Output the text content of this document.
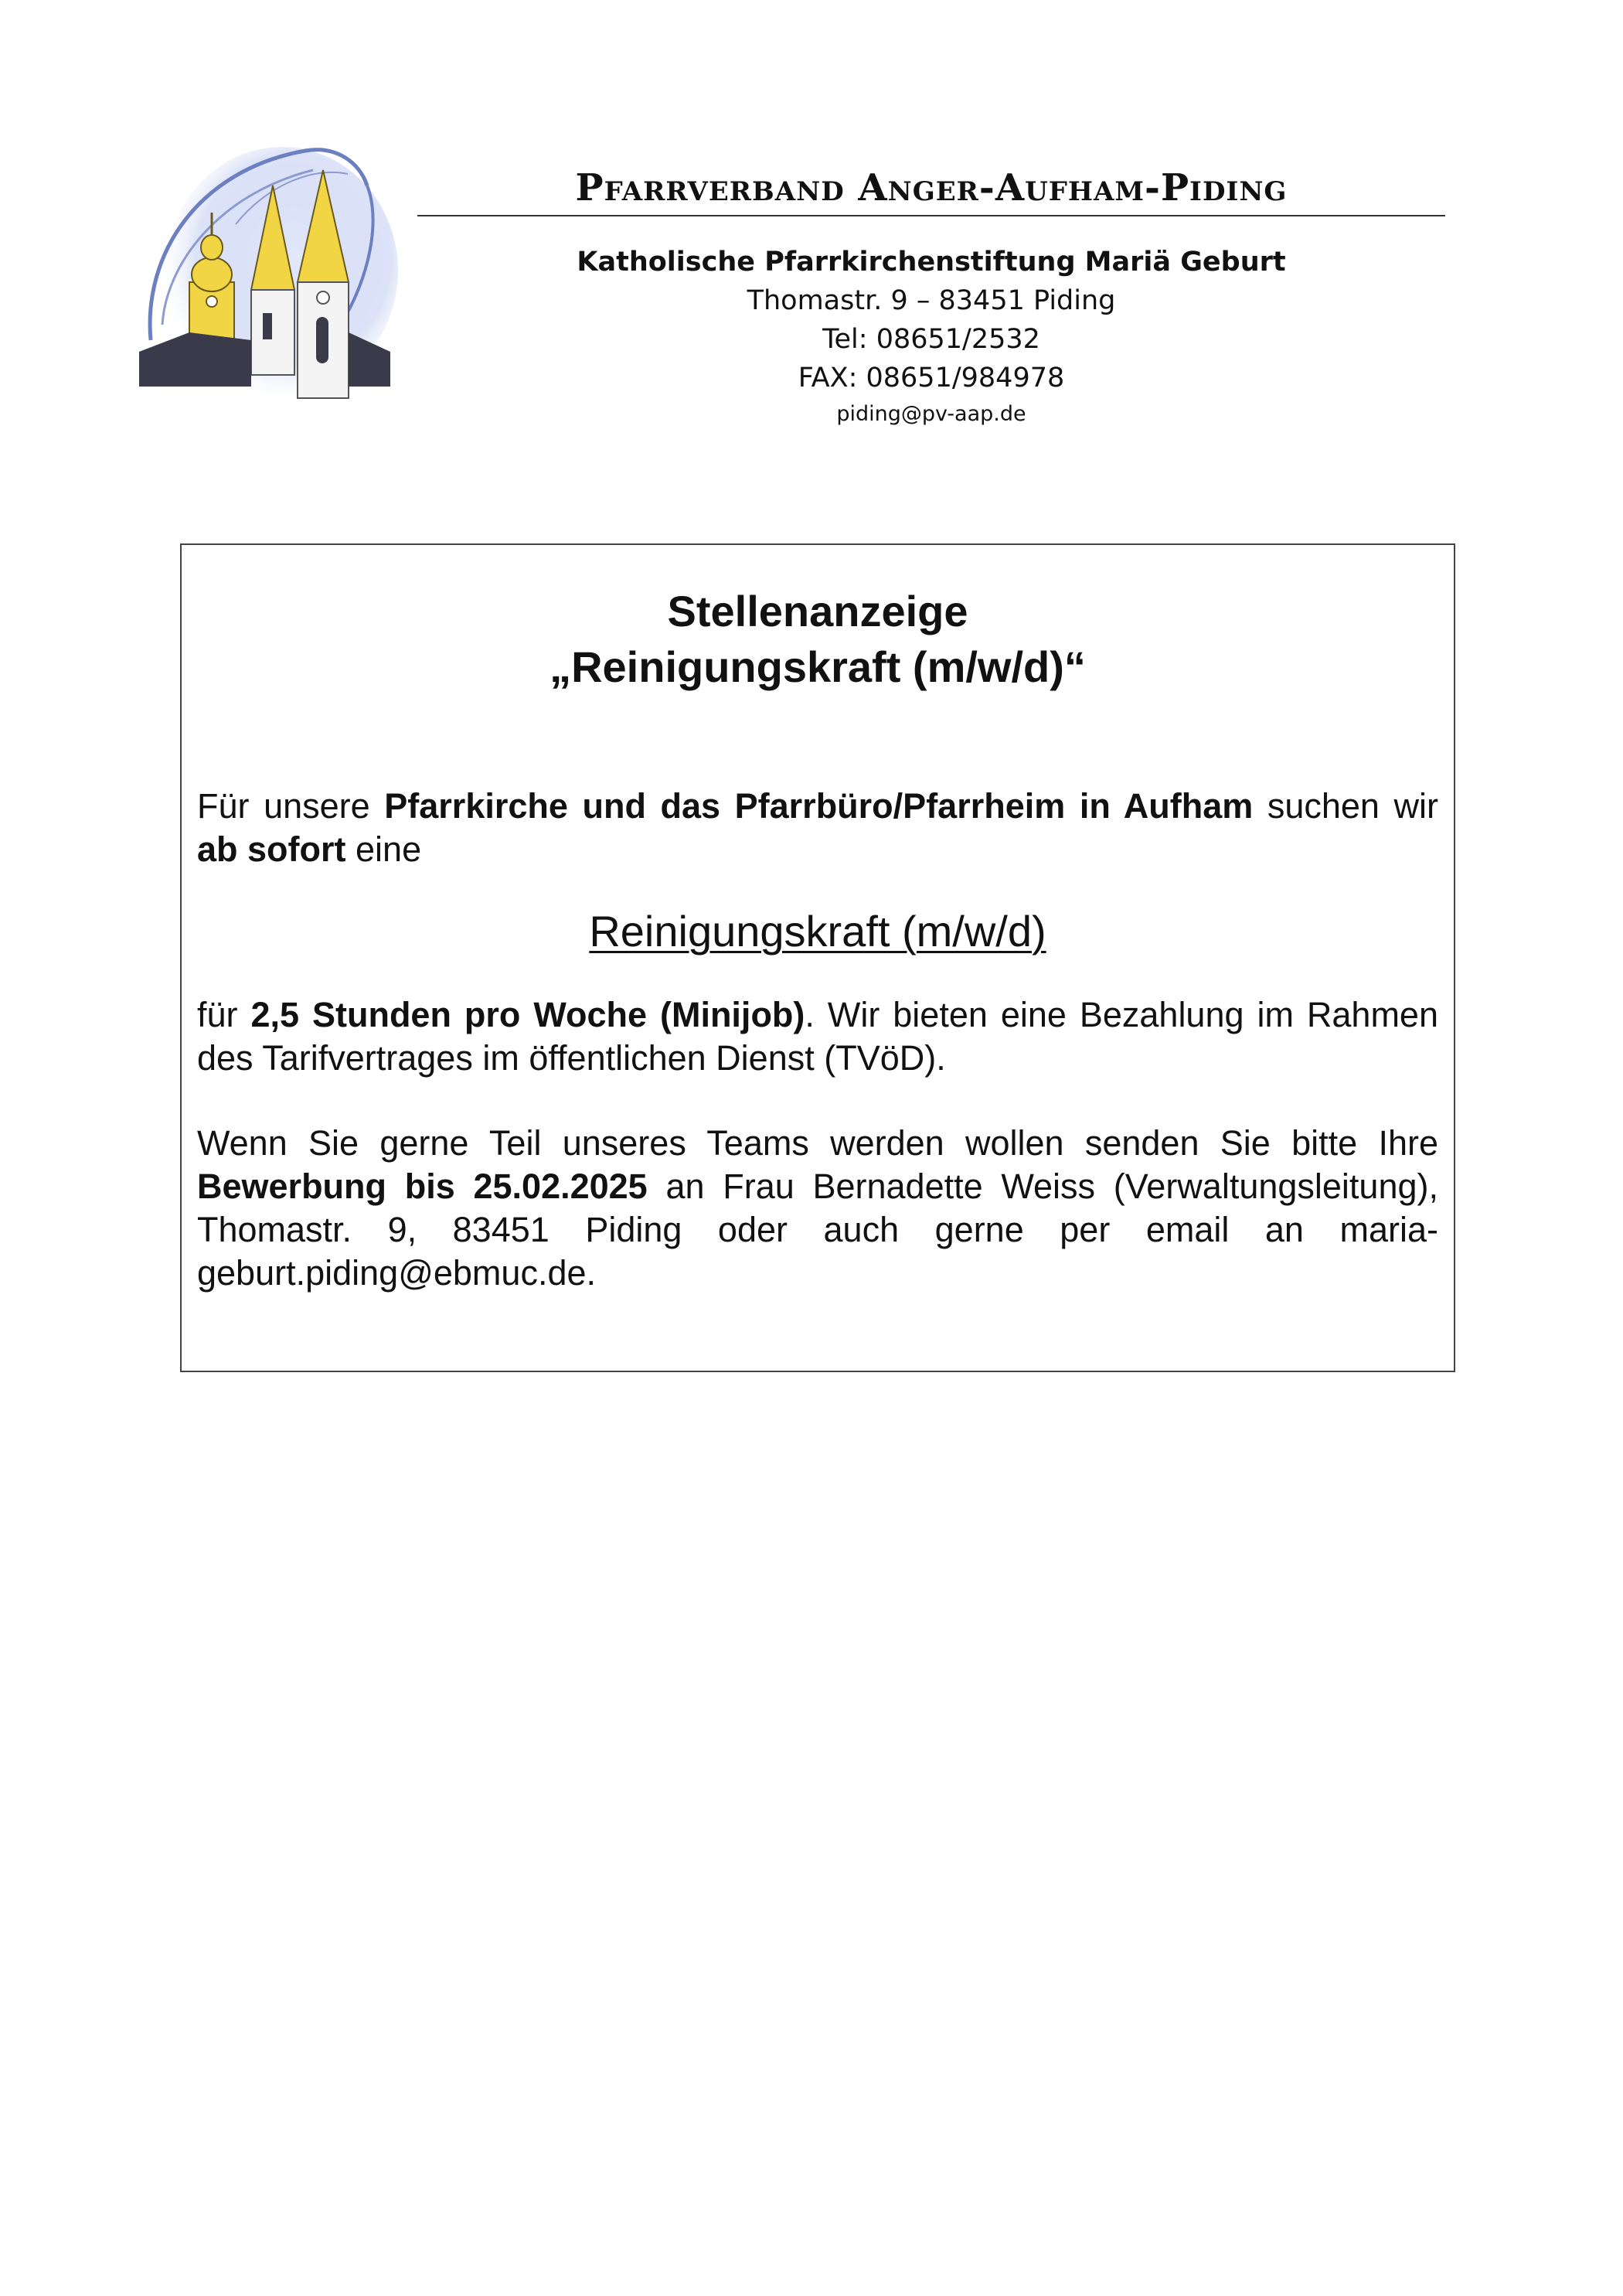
Pfarrverband Anger-Aufham-Piding
Katholische Pfarrkirchenstiftung Mariä Geburt
Thomastr. 9 – 83451 Piding
Tel: 08651/2532
FAX: 08651/984978
piding@pv-aap.de
Stellenanzeige
„Reinigungskraft (m/w/d)“

Für unsere Pfarrkirche und das Pfarrbüro/Pfarrheim in Aufham suchen wir ab sofort eine

Reinigungskraft (m/w/d)

für 2,5 Stunden pro Woche (Minijob). Wir bieten eine Bezahlung im Rahmen des Tarifvertrages im öffentlichen Dienst (TVöD).

Wenn Sie gerne Teil unseres Teams werden wollen senden Sie bitte Ihre Bewerbung bis 25.02.2025 an Frau Bernadette Weiss (Verwaltungsleitung), Thomastr. 9, 83451 Piding oder auch gerne per email an maria-geburt.piding@ebmuc.de.
